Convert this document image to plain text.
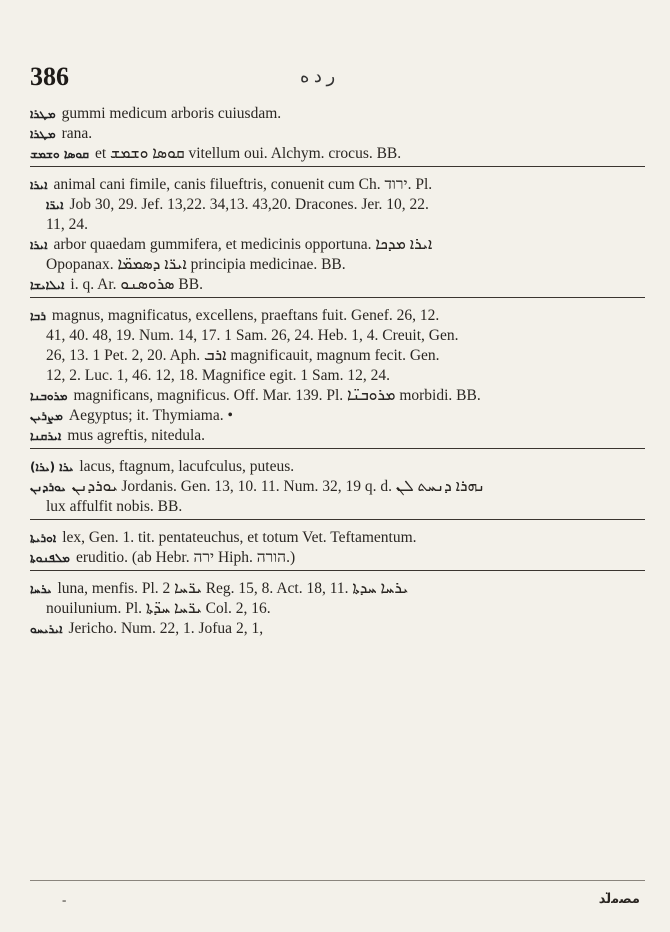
386	ﺭ ﺩ ﻩ
ܡܛܪܐ gummi medicum arboris cuiusdam.
ܡܛܪܐ rana.
ܩܘܣܐ ܘܫܡܫ et ܩܘܣܐ ܘܫܡܫ vitellum oui. Alchym. crocus. BB.
ܐܝܪܐ animal cani fimile, canis filueftris, conuenit cum Ch. ירוד. Pl.
ܐܝܪ̈ܐ Job 30, 29. Jef. 13,22. 34,13. 43,20. Dracones. Jer. 10, 22.
11, 24.
ܐܝܪܐ arbor quaedam gummifera, et medicinis opportuna. ܐܝܪܐ ܡܕܟܐ
Opopanax. ܐܝܪ̈ܐ ܕܣܡܡ̈ܐ principia medicinae. BB.
ܐܝܠܐܝܫܐ i. q. Ar. ܣܪܘܣܢܘ BB.
ܪܒܐ magnus, magnificatus, excellens, praeftans fuit. Genef. 26, 12.
41, 40. 48, 19. Num. 14, 17. 1 Sam. 26, 24. Heb. 1, 4. Creuit, Gen.
26, 13. 1 Pet. 2, 20. Aph. ܐܪܒ magnificauit, magnum fecit. Gen.
12, 2. Luc. 1, 46. 12, 18. Magnifice egit. 1 Sam. 12, 24.
ܡܪܘܒܢܐ magnificans, magnificus. Off. Mar. 139. Pl. ܡܪܘܒܢ̈ܐ morbidi. BB.
ܡܨܪܝܢ Aegyptus; it. Thymiama. •
ܐܝܪܩܢܐ mus agreftis, nitedula.
(ܝܪܐ) ܝܪܐ lacus, ftagnum, lacufculus, puteus.
ܝܘܪܕܢܢ ܝܘܪܕܢܢ Jordanis. Gen. 13, 10. 11. Num. 32, 19 q. d. ܢܗܪܐ ܕܢܚܬ ܠܢ
lux affulfit nobis. BB.
ܐܘܪܝܬܐ lex, Gen. 1. tit. pentateuchus, et totum Vet. Teftamentum.
ܡܠܦܢܘܬܐ eruditio. (ab Hebr. ירה Hiph. הורה.)
ܝܪܚܐ luna, menfis. Pl. ܝܪ̈ܚܐ 2 Reg. 15, 8. Act. 18, 11. ܝܪܚܐ ܚܕܬܐ
nouilunium. Pl. ܝܪ̈ܚܐ ܚܕ̈ܬܐ Col. 2, 16.
ܐܝܪܝܚܘ Jericho. Num. 22, 1. Jofua 2, 1,
-	ﻣﺼﻣ̈ﻟﺪ
